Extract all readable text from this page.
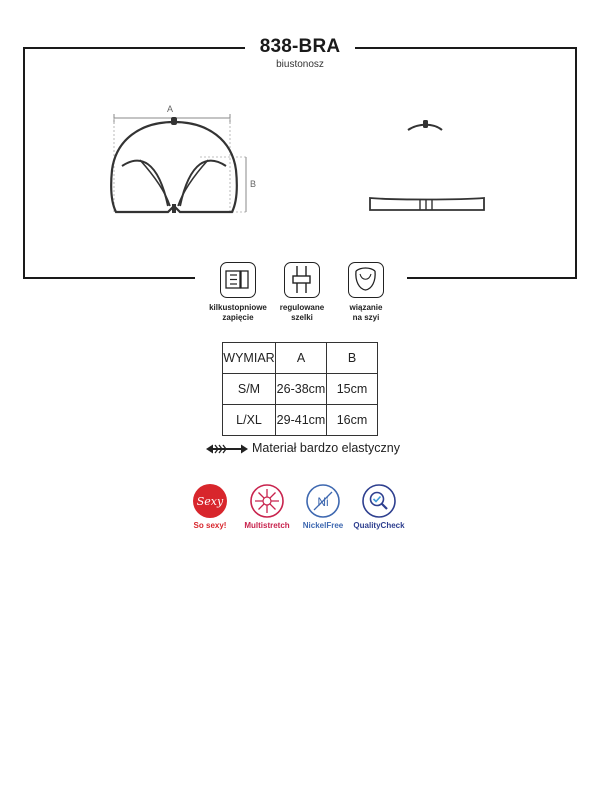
838-BRA
biustonosz
A
B
kilkustopniowe
zapięcie
regulowane
szelki
wiązanie
na szyi
WYMIAR	A	B
S/M	26-38cm	15cm
L/XL	29-41cm	16cm
Materiał bardzo elastyczny
Sexy	Ni
So sexy!	Multistretch	NickelFree	QualityCheck
